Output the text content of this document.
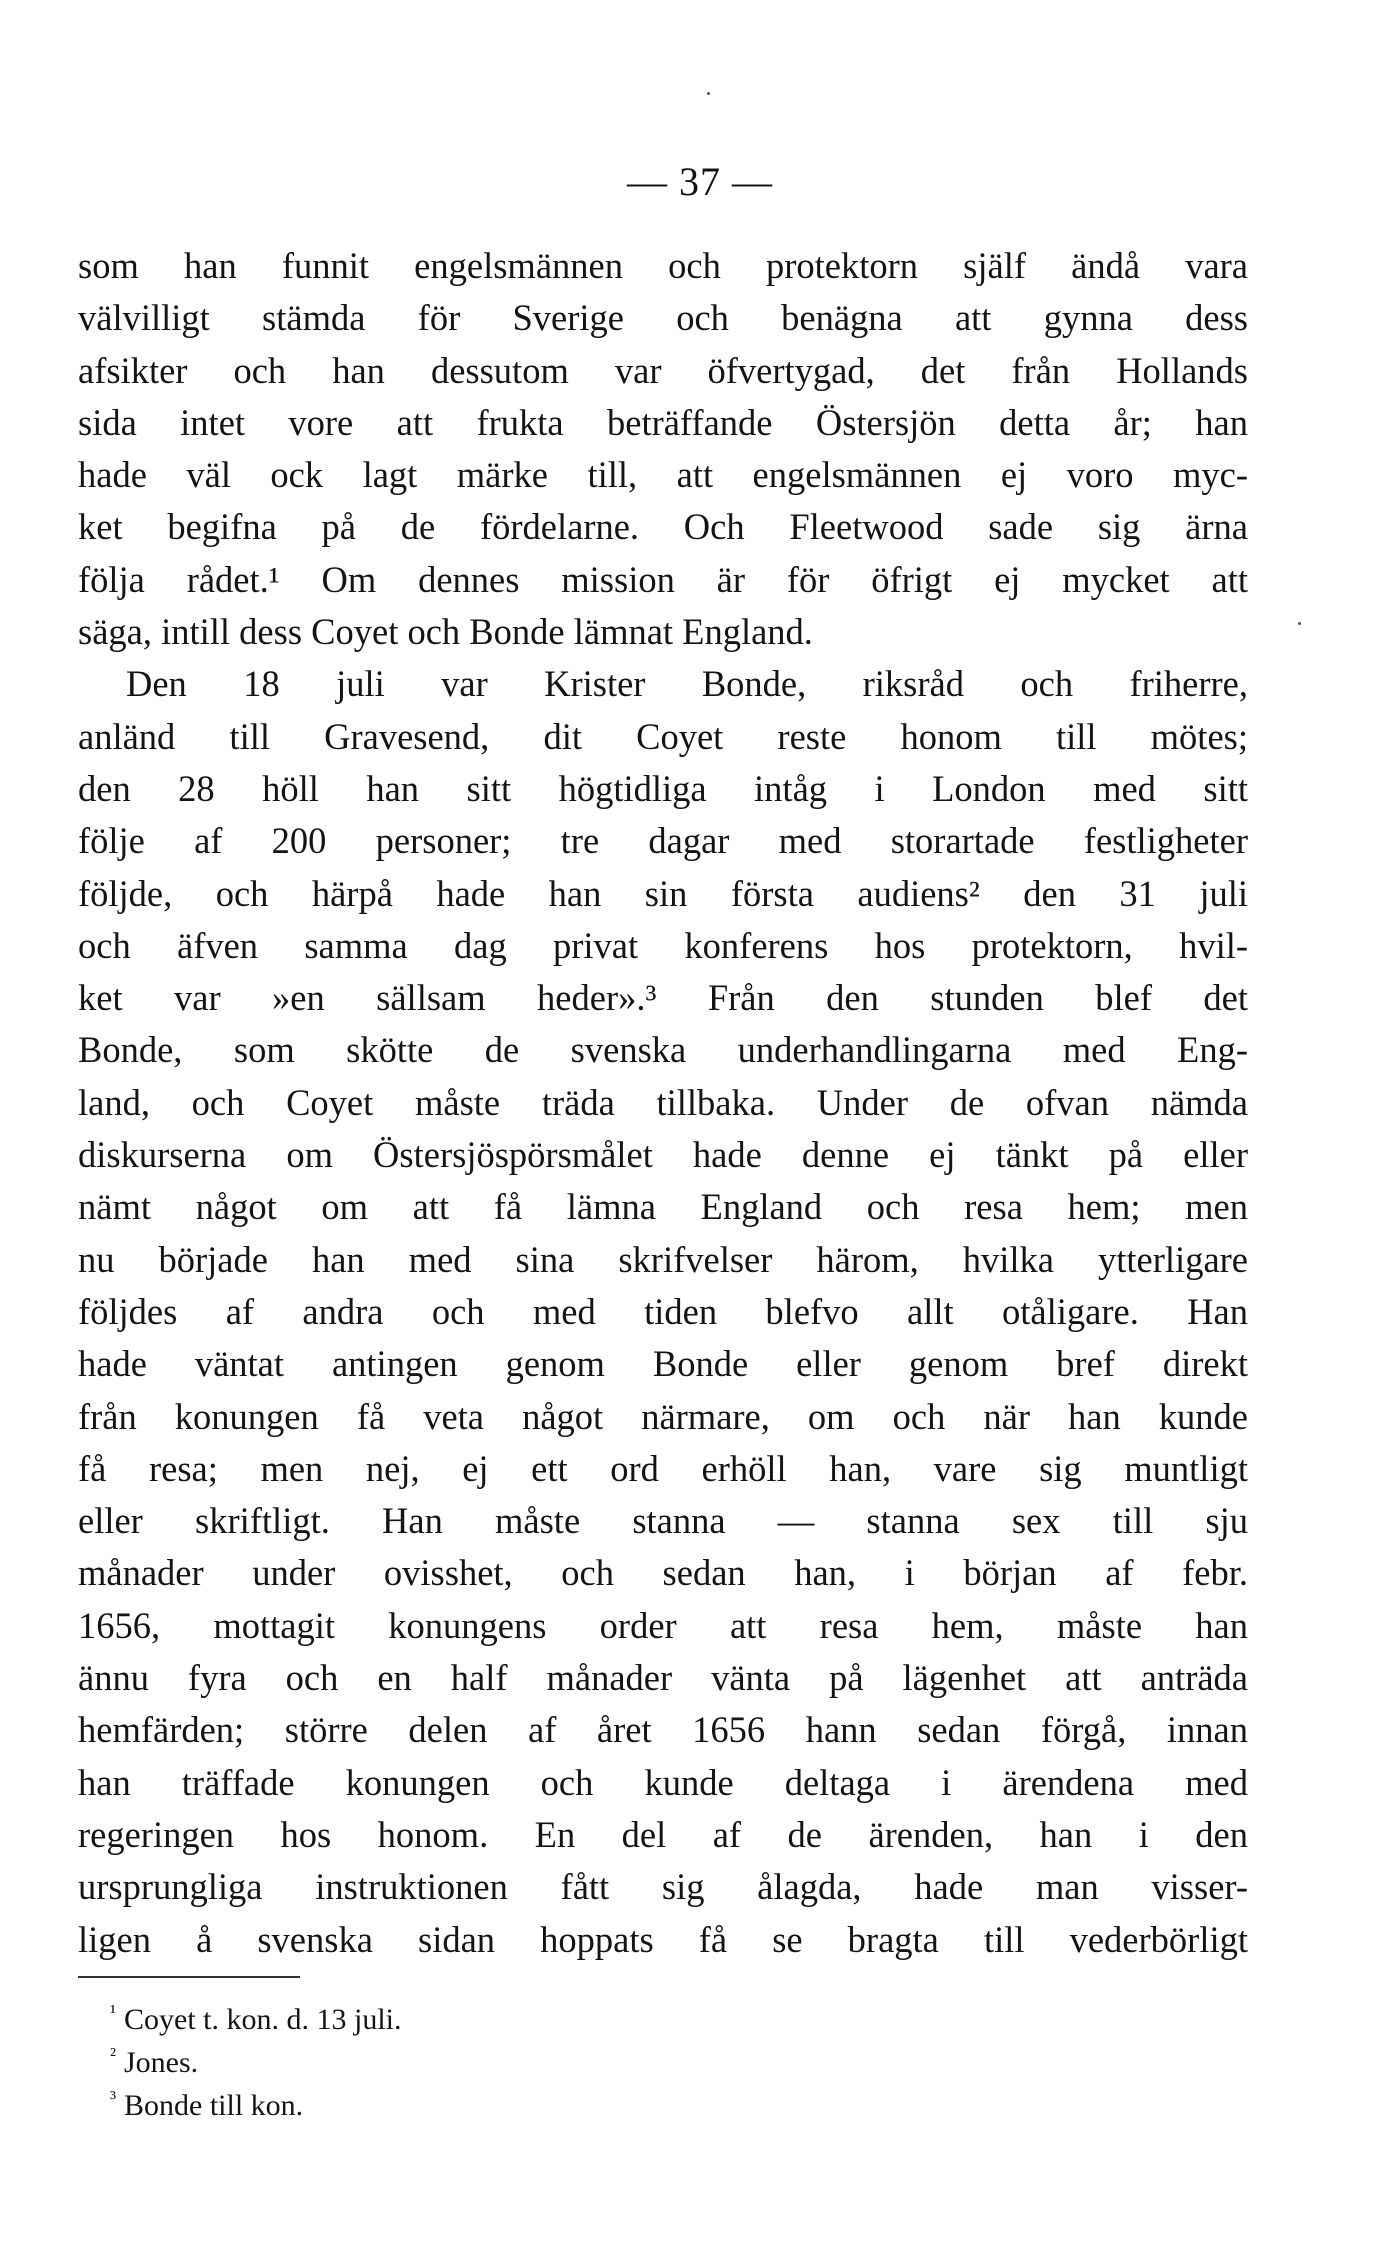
— 37 —
som han funnit engelsmännen och protektorn själf ändå vara
välvilligt stämda för Sverige och benägna att gynna dess
afsikter och han dessutom var öfvertygad, det från Hollands
sida intet vore att frukta beträffande Östersjön detta år; han
hade väl ock lagt märke till, att engelsmännen ej voro myc-
ket begifna på de fördelarne. Och Fleetwood sade sig ärna
följa rådet.¹ Om dennes mission är för öfrigt ej mycket att
säga, intill dess Coyet och Bonde lämnat England.
Den 18 juli var Krister Bonde, riksråd och friherre,
anländ till Gravesend, dit Coyet reste honom till mötes;
den 28 höll han sitt högtidliga intåg i London med sitt
följe af 200 personer; tre dagar med storartade festligheter
följde, och härpå hade han sin första audiens² den 31 juli
och äfven samma dag privat konferens hos protektorn, hvil-
ket var »en sällsam heder».³ Från den stunden blef det
Bonde, som skötte de svenska underhandlingarna med Eng-
land, och Coyet måste träda tillbaka. Under de ofvan nämda
diskurserna om Östersjöspörsmålet hade denne ej tänkt på eller
nämt något om att få lämna England och resa hem; men
nu började han med sina skrifvelser härom, hvilka ytterligare
följdes af andra och med tiden blefvo allt otåligare. Han
hade väntat antingen genom Bonde eller genom bref direkt
från konungen få veta något närmare, om och när han kunde
få resa; men nej, ej ett ord erhöll han, vare sig muntligt
eller skriftligt. Han måste stanna — stanna sex till sju
månader under ovisshet, och sedan han, i början af febr.
1656, mottagit konungens order att resa hem, måste han
ännu fyra och en half månader vänta på lägenhet att anträda
hemfärden; större delen af året 1656 hann sedan förgå, innan
han träffade konungen och kunde deltaga i ärendena med
regeringen hos honom. En del af de ärenden, han i den
ursprungliga instruktionen fått sig ålagda, hade man visser-
ligen å svenska sidan hoppats få se bragta till vederbörligt
$^{^1}$ Coyet t. kon. d. 13 juli.
$^{^2}$ Jones.
$^{^3}$ Bonde till kon.
